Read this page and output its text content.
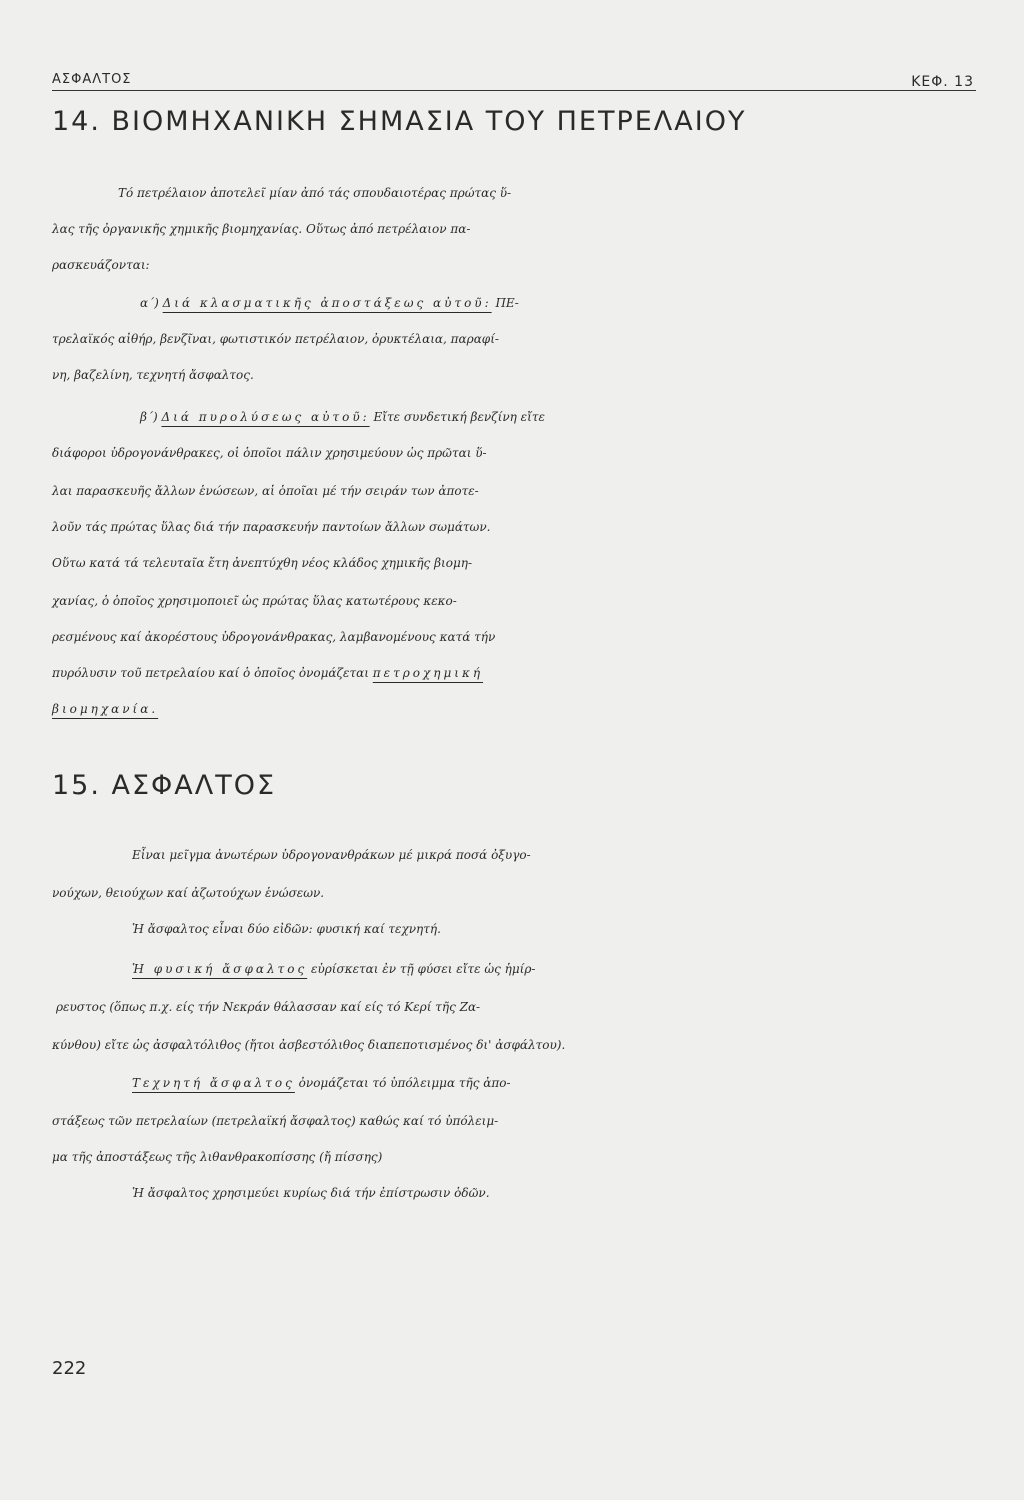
ΑΣΦΑΛΤΟΣ	ΚΕΦ. 13
14. ΒΙΟΜΗΧΑΝΙΚΗ ΣΗΜΑΣΙΑ ΤΟΥ ΠΕΤΡΕΛΑΙΟΥ
Τό πετρέλαιον ἀποτελεῖ μίαν ἀπό τάς σπουδαιοτέρας πρώτας ὕ-
λας τῆς ὀργανικῆς χημικῆς βιομηχανίας. Οὕτως ἀπό πετρέλαιον πα-
ρασκευάζονται:
α΄) Διά κλασματικῆς ἀποστάξεως αὐτοῦ: ΠΕ-
τρελαϊκός αἰθήρ, βενζῖναι, φωτιστικόν πετρέλαιον, ὀρυκτέλαια, παραφί-
νη, βαζελίνη, τεχνητή ἄσφαλτος.
β΄) Διά πυρολύσεως αὐτοῦ: Εἴτε συνδετική βενζίνη εἴτε
διάφοροι ὑδρογονάνθρακες, οἱ ὁποῖοι πάλιν χρησιμεύουν ὡς πρῶται ὕ-
λαι παρασκευῆς ἄλλων ἑνώσεων, αἱ ὁποῖαι μέ τήν σειράν των ἀποτε-
λοῦν τάς πρώτας ὕλας διά τήν παρασκευήν παντοίων ἄλλων σωμάτων.
Οὕτω κατά τά τελευταῖα ἔτη ἀνεπτύχθη νέος κλάδος χημικῆς βιομη-
χανίας, ὁ ὁποῖος χρησιμοποιεῖ ὡς πρώτας ὕλας κατωτέρους κεκο-
ρεσμένους καί ἀκορέστους ὑδρογονάνθρακας, λαμβανομένους κατά τήν
πυρόλυσιν τοῦ πετρελαίου καί ὁ ὁποῖος ὀνομάζεται πετροχημική
βιομηχανία.
15. ΑΣΦΑΛΤΟΣ
Εἶναι μεῖγμα ἀνωτέρων ὑδρογονανθράκων μέ μικρά ποσά ὀξυγο-
νούχων, θειούχων καί ἀζωτούχων ἑνώσεων.
Ἡ ἄσφαλτος εἶναι δύο εἰδῶν: φυσική καί τεχνητή.
Ἡ φυσική ἄσφαλτος εὑρίσκεται ἐν τῇ φύσει εἴτε ὡς ἡμίρ-
ρευστος (ὅπως π.χ. είς τήν Νεκράν θάλασσαν καί είς τό Κερί τῆς Ζα-
κύνθου) εἴτε ὡς ἀσφαλτόλιθος (ἤτοι ἀσβεστόλιθος διαπεποτισμένος δι' ἀσφάλτου).
Τεχνητή ἄσφαλτος ὀνομάζεται τό ὑπόλειμμα τῆς ἀπο-
στάξεως τῶν πετρελαίων (πετρελαϊκή ἄσφαλτος) καθώς καί τό ὑπόλειμ-
μα τῆς ἀποστάξεως τῆς λιθανθρακοπίσσης (ἤ πίσσης)
Ἡ ἄσφαλτος χρησιμεύει κυρίως διά τήν ἐπίστρωσιν ὁδῶν.
222
